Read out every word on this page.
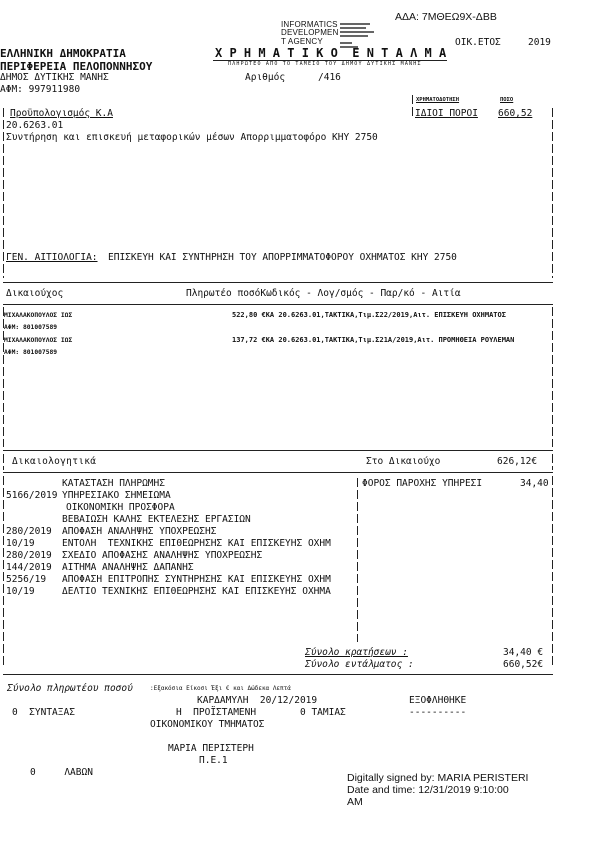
ΑΔΑ: 7ΜΘΕΩ9Χ-ΔΒΒ
INFORMATICS
DEVELOPMEN
T AGENCY	ΟΙΚ.ΕΤΟΣ	2019
ΕΛΛΗΝΙΚΗ ΔΗΜΟΚΡΑΤΙΑ
ΠΕΡΙΦΕΡΕΙΑ ΠΕΛΟΠΟΝΝΗΣΟΥ
ΔΗΜΟΣ ΔΥΤΙΚΗΣ ΜΑΝΗΣ
ΑΦΜ: 997911980
Χ Ρ Η Μ Α Τ Ι Κ Ο  Ε Ν Τ Α Λ Μ Α
ΠΛΗΡΩΤΕΟ ΑΠΟ ΤΟ ΤΑΜΕΙΟ ΤΟΥ ΔΗΜΟΥ ΔΥΤΙΚΗΣ ΜΑΝΗΣ
Αριθμός	/416
ΧΡΗΜΑΤΟΔΟΤΗΣΗ	ΠΟΣΟ
ΙΔΙΟΙ ΠΟΡΟΙ 660,52
Προϋπολογισμός Κ.Α
20.6263.01
Συντήρηση και επισκευή μεταφορικών μέσων Απορριμματοφόρο ΚΗΥ 2750
ΓΕΝ. ΑΙΤΙΟΛΟΓΙΑ: ΕΠΙΣΚΕΥΗ ΚΑΙ ΣΥΝΤΗΡΗΣΗ ΤΟΥ ΑΠΟΡΡΙΜΜΑΤΟΦΟΡΟΥ ΟΧΗΜΑΤΟΣ ΚΗΥ 2750
Δικαιούχος	Πληρωτέο ποσόΚωδικός - Λογ/σμός - Παρ/κό - Αιτία
ΜΙΧΑΛΑΚΟΠΟΥΛΟΣ ΙΩΣ
ΑΦΜ: 801007589
522,80 €ΚΑ 20.6263.01,ΤΑΚΤΙΚΑ,Τιμ.Σ22/2019,Αιτ. ΕΠΙΣΚΕΥΗ ΟΧΗΜΑΤΟΣ
ΜΙΧΑΛΑΚΟΠΟΥΛΟΣ ΙΩΣ
ΑΦΜ: 801007589
137,72 €ΚΑ 20.6263.01,ΤΑΚΤΙΚΑ,Τιμ.Σ21Α/2019,Αιτ. ΠΡΟΜΗΘΕΙΑ ΡΟΥΛΕΜΑΝ
Δικαιολογητικά	Στο Δικαιούχο	626,12€
ΚΑΤΑΣΤΑΣΗ ΠΛΗΡΩΜΗΣ
5166/2019 ΥΠΗΡΕΣΙΑΚΟ ΣΗΜΕΙΩΜΑ
ΟΙΚΟΝΟΜΙΚΗ ΠΡΟΣΦΟΡΑ
ΒΕΒΑΙΩΣΗ ΚΑΛΗΣ ΕΚΤΕΛΕΣΗΣ ΕΡΓΑΣΙΩΝ
280/2019 ΑΠΟΦΑΣΗ ΑΝΑΛΗΨΗΣ ΥΠΟΧΡΕΩΣΗΣ
10/19	ΕΝΤΟΛΗ  ΤΕΧΝΙΚΗΣ ΕΠΙΘΕΩΡΗΣΗΣ ΚΑΙ ΕΠΙΣΚΕΥΗΣ ΟΧΗΜ
280/2019 ΣΧΕΔΙΟ ΑΠΟΦΑΣΗΣ ΑΝΑΛΗΨΗΣ ΥΠΟΧΡΕΩΣΗΣ
144/2019 ΑΙΤΗΜΑ ΑΝΑΛΗΨΗΣ ΔΑΠΑΝΗΣ
5256/19 ΑΠΟΦΑΣΗ ΕΠΙΤΡΟΠΗΣ ΣΥΝΤΗΡΗΣΗΣ ΚΑΙ ΕΠΙΣΚΕΥΗΣ ΟΧΗΜ
10/19	ΔΕΛΤΙΟ ΤΕΧΝΙΚΗΣ ΕΠΙΘΕΩΡΗΣΗΣ ΚΑΙ ΕΠΙΣΚΕΥΗΣ ΟΧΗΜΑ
ΦΟΡΟΣ ΠΑΡΟΧΗΣ ΥΠΗΡΕΣΙ	34,40
Σύνολο κρατήσεων :	34,40 €
Σύνολο εντάλματος :	660,52€
Σύνολο πληρωτέου ποσού	:Εξακόσια Είκοσι Έξι € και Δώδεκα Λεπτά
ΚΑΡΔΑΜΥΛΗ  20/12/2019	ΕΞΟΦΛΗΘΗΚΕ
0  ΣΥΝΤΑΞΑΣ	Η  ΠΡΟΪΣΤΑΜΕΝΗ	0 ΤΑΜΙΑΣ	----------
ΟΙΚΟΝΟΜΙΚΟΥ ΤΜΗΜΑΤΟΣ
ΜΑΡΙΑ ΠΕΡΙΣΤΕΡΗ
Π.Ε.1
0     ΛΑΒΩΝ	Digitally signed by: MARIA PERISTERI
Date and time: 12/31/2019 9:10:00
AM
